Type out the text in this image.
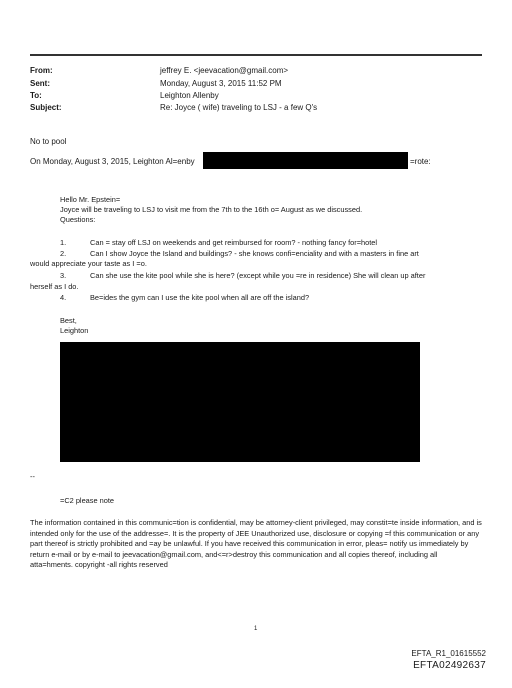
From:	jeffrey E. <jeevacation@gmail.com>
Sent:	Monday, August 3, 2015 11:52 PM
To:	Leighton Allenby
Subject:	Re: Joyce ( wife) traveling to LSJ - a few Q's
No to pool
On Monday, August 3, 2015, Leighton Al=enby	=rote:
Hello Mr. Epstein=
Joyce will be traveling to LSJ to visit me from the 7th to the 16th o= August as we discussed.
Questions:
1.	Can = stay off LSJ on weekends and get reimbursed for room? - nothing fancy for=hotel
2.	Can I show Joyce the Island and buildings? - she knows confi=enciality and with a masters in fine art
would appreciate your taste as I =o.
3.	Can she use the kite pool while she is here? (except while you =re in residence) She will clean up after
herself as I do.
4.	Be=ides the gym can I use the kite pool when all are off the island?
Best,
Leighton
--
=C2 please note
The information contained in this communic=tion is confidential, may be attorney-client privileged, may constit=te inside information, and is intended only for the use of the addresse=. It is the property of JEE Unauthorized use, disclosure or copying =f this communication or any part thereof is strictly prohibited and =ay be unlawful. If you have received this communication in error, pleas= notify us immediately by return e-mail or by e-mail to jeevacation@gmail.com, and<=r>destroy this communication and all copies thereof, including all atta=hments. copyright -all rights reserved
1
EFTA_R1_01615552
EFTA02492637
